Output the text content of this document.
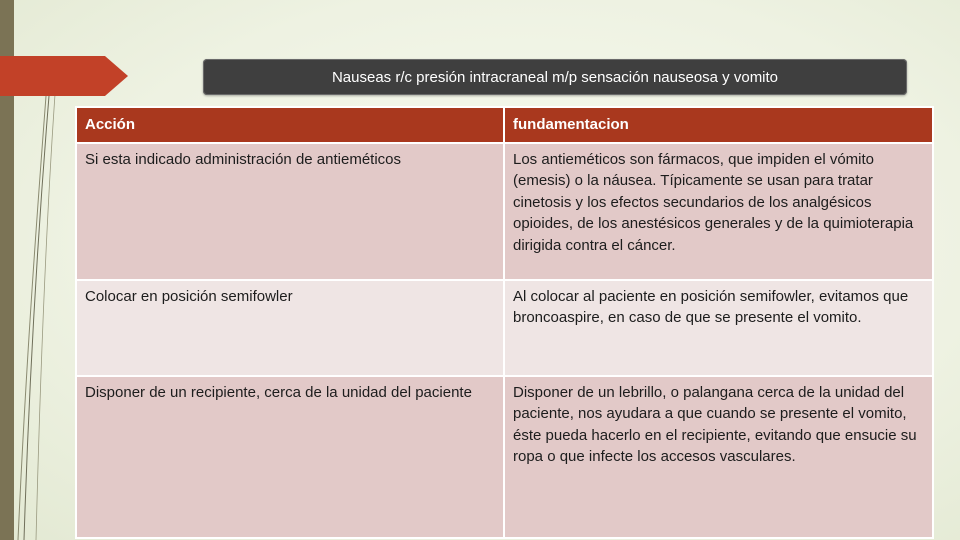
Nauseas r/c presión intracraneal m/p sensación nauseosa y vomito
Acción	fundamentacion
Si esta indicado administración de antieméticos	Los antieméticos son fármacos, que impiden el vómito (emesis) o la náusea. Típicamente se usan para tratar cinetosis y los efectos secundarios de los analgésicos opioides, de los anestésicos generales y de la quimioterapia dirigida contra el cáncer.
Colocar en posición semifowler	Al colocar al paciente en posición semifowler, evitamos que broncoaspire, en caso de que se presente el vomito.
Disponer de un recipiente, cerca de la unidad del paciente	Disponer de un lebrillo, o palangana cerca de la unidad del paciente, nos ayudara a que cuando se presente el vomito, éste pueda hacerlo en el recipiente, evitando que ensucie su ropa o que infecte los accesos vasculares.
